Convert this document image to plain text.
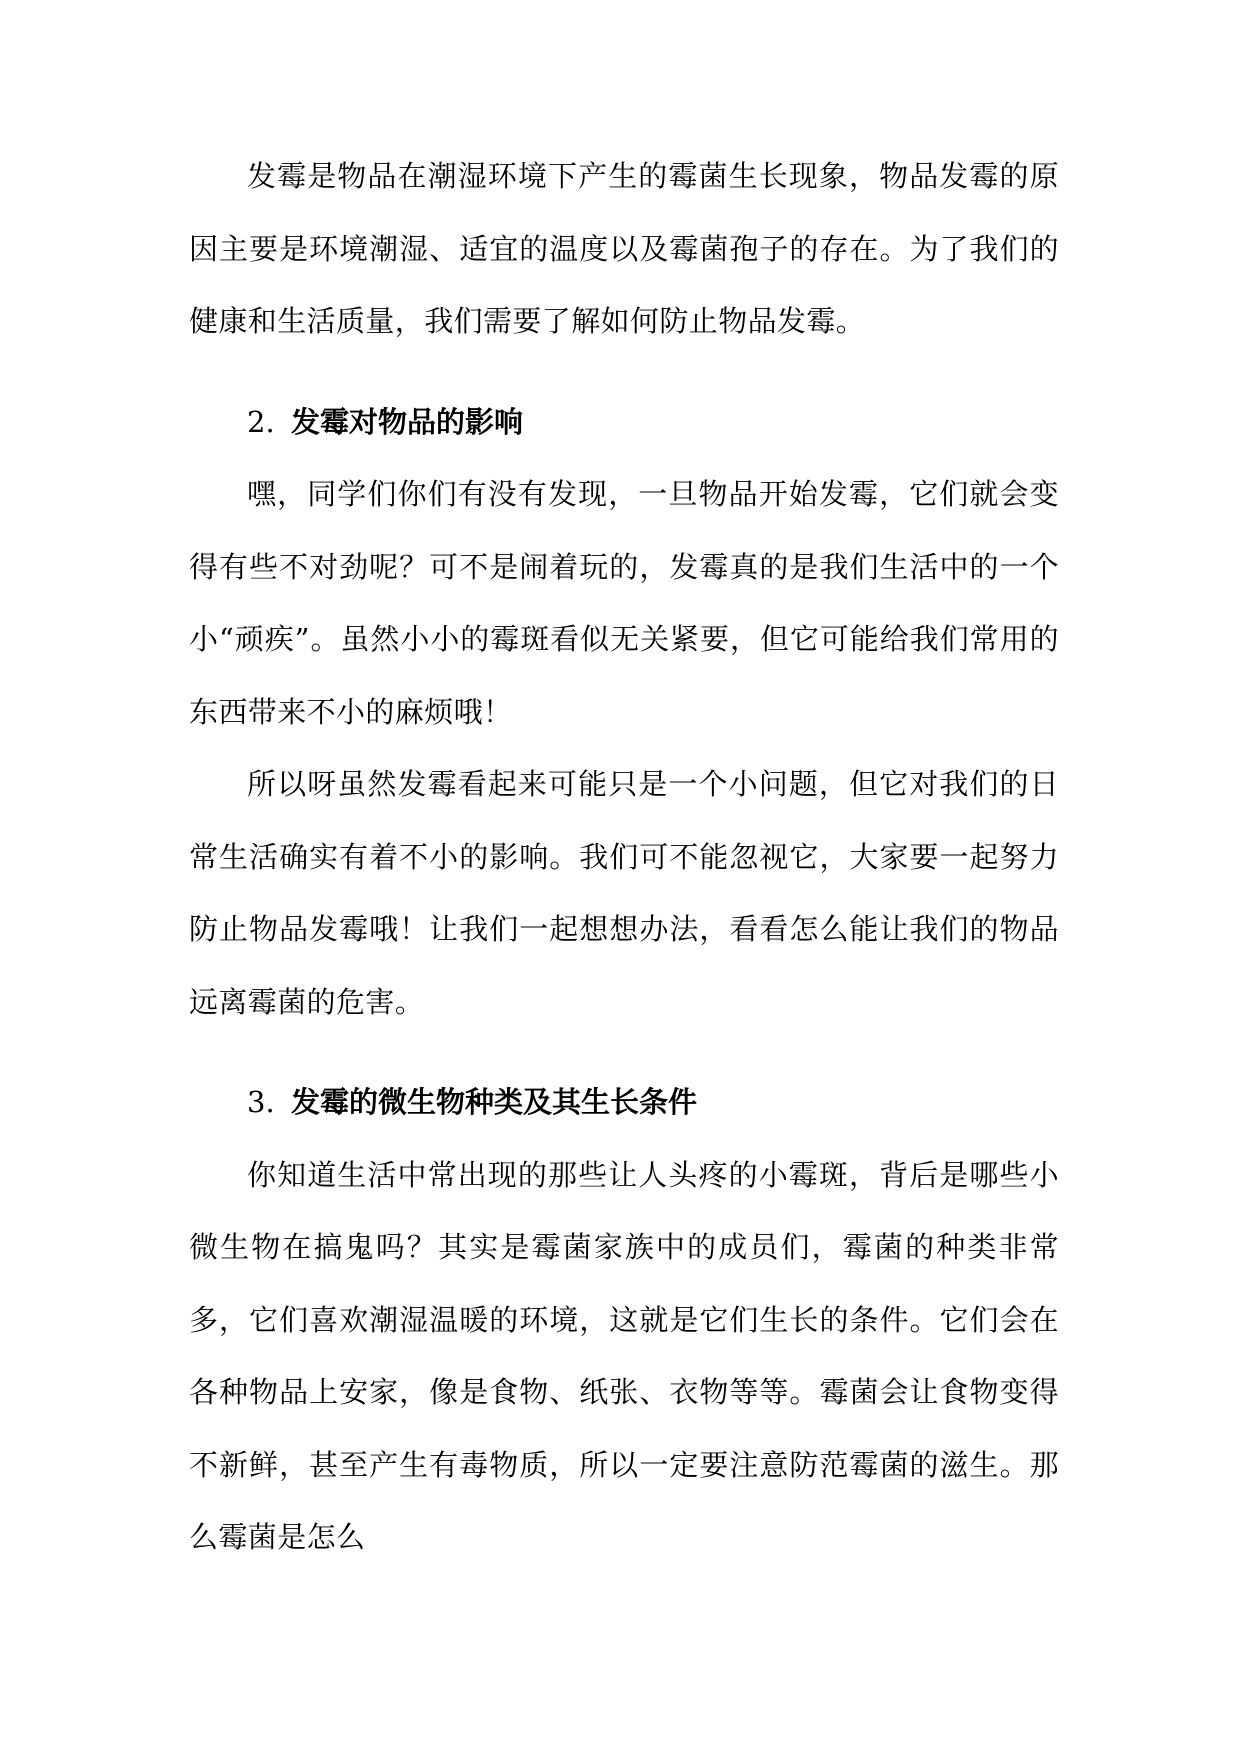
发霉是物品在潮湿环境下产生的霉菌生长现象，物品发霉的原因主要是环境潮湿、适宜的温度以及霉菌孢子的存在。为了我们的健康和生活质量，我们需要了解如何防止物品发霉。

2. 发霉对物品的影响

嘿，同学们你们有没有发现，一旦物品开始发霉，它们就会变得有些不对劲呢？可不是闹着玩的，发霉真的是我们生活中的一个小“顽疾”。虽然小小的霉斑看似无关紧要，但它可能给我们常用的东西带来不小的麻烦哦！

所以呀虽然发霉看起来可能只是一个小问题，但它对我们的日常生活确实有着不小的影响。我们可不能忽视它，大家要一起努力防止物品发霉哦！让我们一起想想办法，看看怎么能让我们的物品远离霉菌的危害。

3. 发霉的微生物种类及其生长条件

你知道生活中常出现的那些让人头疼的小霉斑，背后是哪些小微生物在搞鬼吗？其实是霉菌家族中的成员们，霉菌的种类非常多，它们喜欢潮湿温暖的环境，这就是它们生长的条件。它们会在各种物品上安家，像是食物、纸张、衣物等等。霉菌会让食物变得不新鲜，甚至产生有毒物质，所以一定要注意防范霉菌的滋生。那么霉菌是怎么
